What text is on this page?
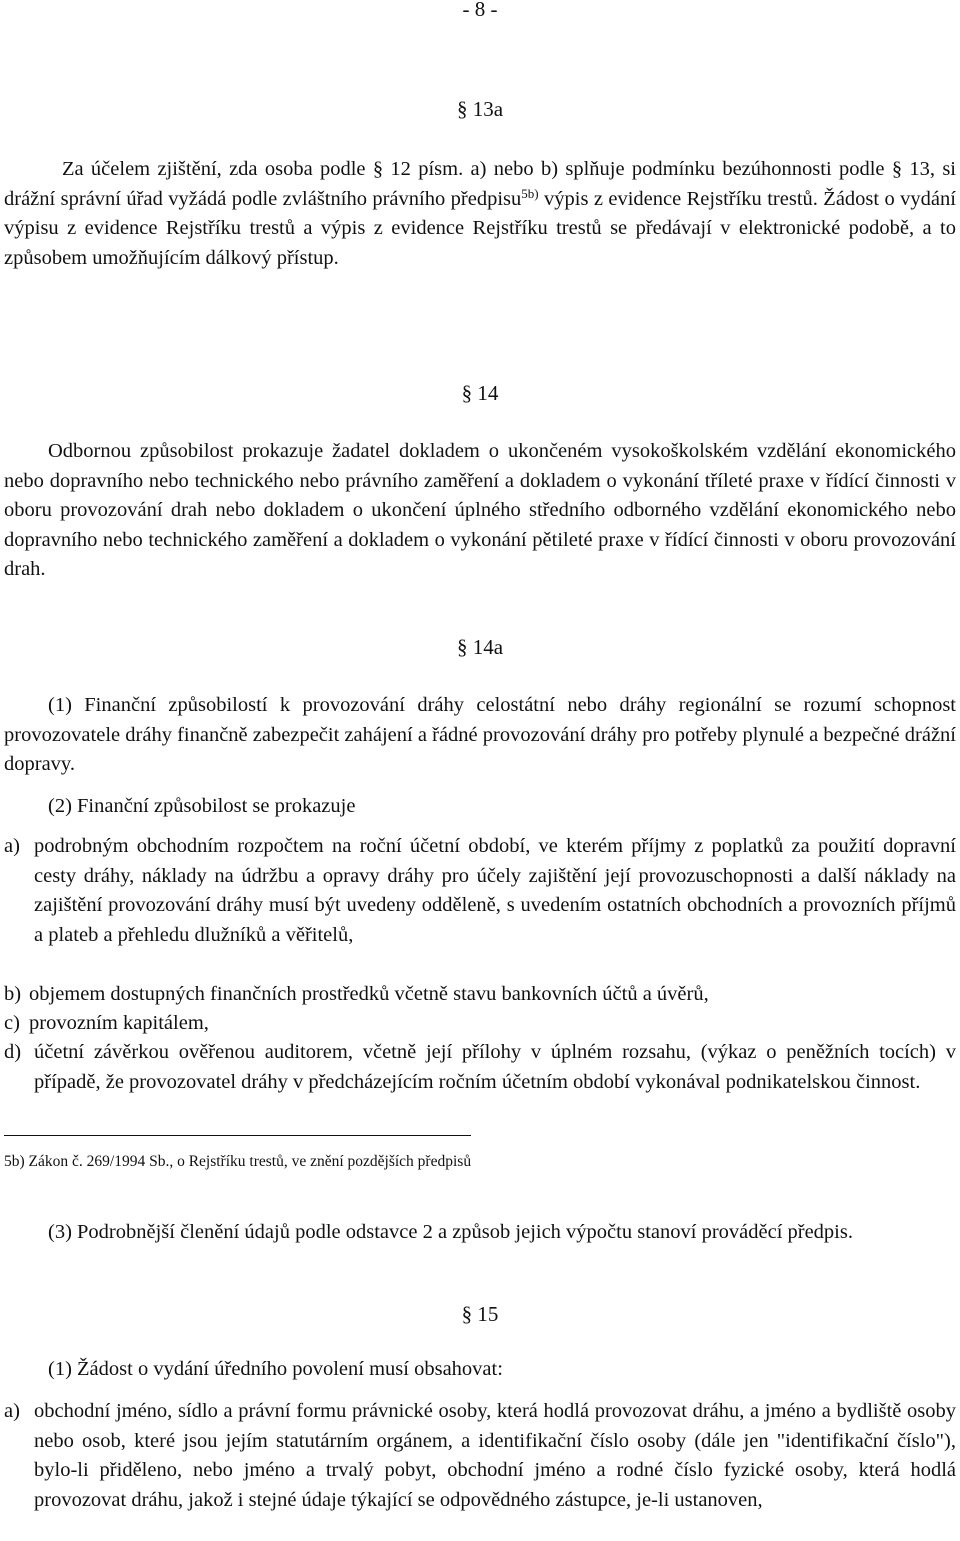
- 8 -
§ 13a

Za účelem zjištění, zda osoba podle § 12 písm. a) nebo b) splňuje podmínku bezúhonnosti podle § 13, si drážní správní úřad vyžádá podle zvláštního právního předpisu$^{5b)}$ výpis z evidence Rejstříku trestů. Žádost o vydání výpisu z evidence Rejstříku trestů a výpis z evidence Rejstříku trestů se předávají v elektronické podobě, a to způsobem umožňujícím dálkový přístup.

§ 14

Odbornou způsobilost prokazuje žadatel dokladem o ukončeném vysokoškolském vzdělání ekonomického nebo dopravního nebo technického nebo právního zaměření a dokladem o vykonání tříleté praxe v řídící činnosti v oboru provozování drah nebo dokladem o ukončení úplného středního odborného vzdělání ekonomického nebo dopravního nebo technického zaměření a dokladem o vykonání pětileté praxe v řídící činnosti v oboru provozování drah.

§ 14a

(1) Finanční způsobilostí k provozování dráhy celostátní nebo dráhy regionální se rozumí schopnost provozovatele dráhy finančně zabezpečit zahájení a řádné provozování dráhy pro potřeby plynulé a bezpečné drážní dopravy.

(2) Finanční způsobilost se prokazuje

a) podrobným obchodním rozpočtem na roční účetní období, ve kterém příjmy z poplatků za použití dopravní cesty dráhy, náklady na údržbu a opravy dráhy pro účely zajištění její provozuschopnosti a další náklady na zajištění provozování dráhy musí být uvedeny odděleně, s uvedením ostatních obchodních a provozních příjmů a plateb a přehledu dlužníků a věřitelů,
b) objemem dostupných finančních prostředků včetně stavu bankovních účtů a úvěrů,
c) provozním kapitálem,
d) účetní závěrkou ověřenou auditorem, včetně její přílohy v úplném rozsahu, (výkaz o peněžních tocích) v případě, že provozovatel dráhy v předcházejícím ročním účetním období vykonával podnikatelskou činnost.
5b) Zákon č. 269/1994 Sb., o Rejstříku trestů, ve znění pozdějších předpisů

(3) Podrobnější členění údajů podle odstavce 2 a způsob jejich výpočtu stanoví prováděcí předpis.

§ 15

(1) Žádost o vydání úředního povolení musí obsahovat:

a) obchodní jméno, sídlo a právní formu právnické osoby, která hodlá provozovat dráhu, a jméno a bydliště osoby nebo osob, které jsou jejím statutárním orgánem, a identifikační číslo osoby (dále jen "identifikační číslo"), bylo-li přiděleno, nebo jméno a trvalý pobyt, obchodní jméno a rodné číslo fyzické osoby, která hodlá provozovat dráhu, jakož i stejné údaje týkající se odpovědného zástupce, je-li ustanoven,
